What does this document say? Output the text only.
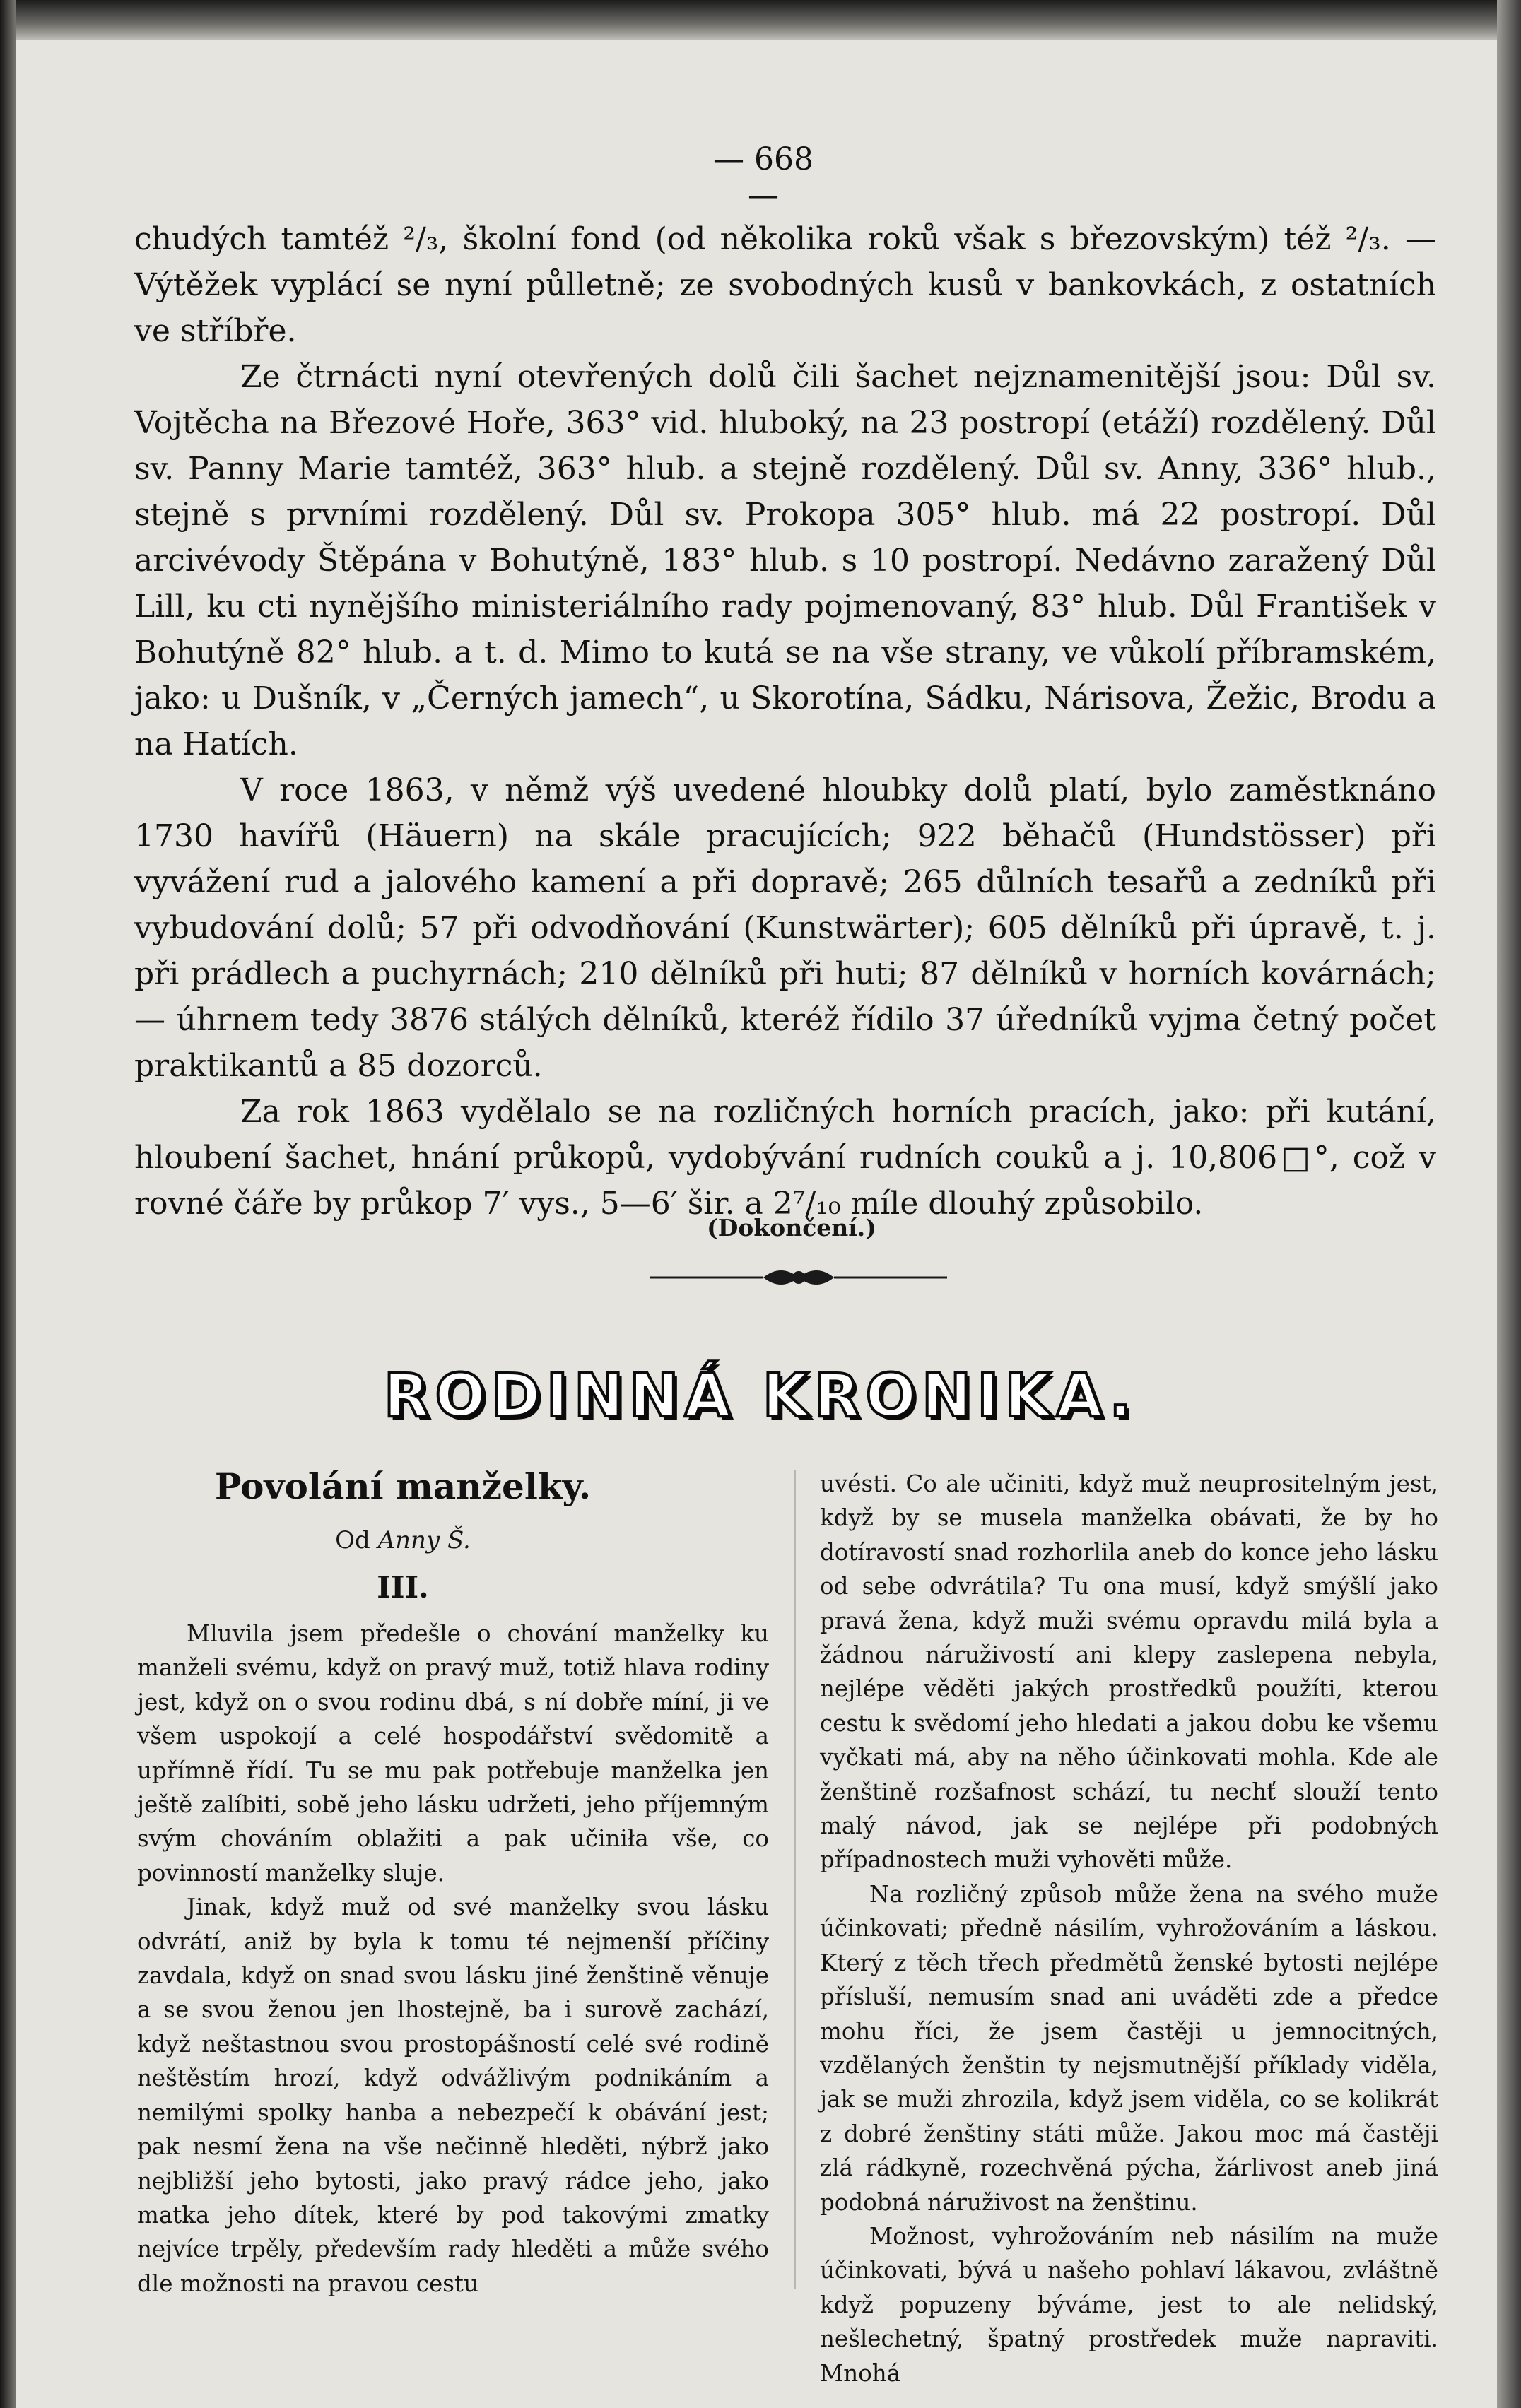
— 668 —

chudých tamtéž ²/₃, školní fond (od několika roků však s březovským) též ²/₃. — Výtěžek vyplácí se nyní půlletně; ze svobodných kusů v bankovkách, z ostatních ve stříbře.

Ze čtrnácti nyní otevřených dolů čili šachet nejznamenitější jsou: Důl sv. Vojtěcha na Březové Hoře, 363° vid. hluboký, na 23 postropí (etáží) rozdělený. Důl sv. Panny Marie tamtéž, 363° hlub. a stejně rozdělený. Důl sv. Anny, 336° hlub., stejně s prvními rozdělený. Důl sv. Prokopa 305° hlub. má 22 postropí. Důl arcivévody Štěpána v Bohutýně, 183° hlub. s 10 postropí. Nedávno zaražený Důl Lill, ku cti nynějšího ministeriálního rady pojmenovaný, 83° hlub. Důl František v Bohutýně 82° hlub. a t. d. Mimo to kutá se na vše strany, ve vůkolí příbramském, jako: u Dušník, v „Černých jamech“, u Skorotína, Sádku, Nárisova, Žežic, Brodu a na Hatích.

V roce 1863, v němž výš uvedené hloubky dolů platí, bylo zaměstknáno 1730 havířů (Häuern) na skále pracujících; 922 běhačů (Hundstösser) při vyvážení rud a jalového kamení a při dopravě; 265 důlních tesařů a zedníků při vybudování dolů; 57 při odvodňování (Kunstwärter); 605 dělníků při úpravě, t. j. při prádlech a puchyrnách; 210 dělníků při huti; 87 dělníků v horních kovárnách; — úhrnem tedy 3876 stálých dělníků, kteréž řídilo 37 úředníků vyjma četný počet praktikantů a 85 dozorců.

Za rok 1863 vydělalo se na rozličných horních pracích, jako: při kutání, hloubení šachet, hnání průkopů, vydobývání rudních couků a j. 10,806□°, což v rovné čáře by průkop 7′ vys., 5—6′ šir. a 2⁷/₁₀ míle dlouhý způsobilo.

(Dokončení.)
RODINNÁ KRONIKA.
Povolání manželky.
Od Anny Š.
III.

Mluvila jsem předešle o chování manželky ku manželi svému, když on pravý muž, totiž hlava rodiny jest, když on o svou rodinu dbá, s ní dobře míní, ji ve všem uspokojí a celé hospodářství svědomitě a upřímně řídí. Tu se mu pak potřebuje manželka jen ještě zalíbiti, sobě jeho lásku udržeti, jeho příjemným svým chováním oblažiti a pak učiniła vše, co povinností manželky sluje.

Jinak, když muž od své manželky svou lásku odvrátí, aniž by byla k tomu té nejmenší příčiny zavdala, když on snad svou lásku jiné ženštině věnuje a se svou ženou jen lhostejně, ba i surově zachází, když neštastnou svou prostopášností celé své rodině neštěstím hrozí, když odvážlivým podnikáním a nemilými spolky hanba a nebezpečí k obávání jest; pak nesmí žena na vše nečinně hleděti, nýbrž jako nejbližší jeho bytosti, jako pravý rádce jeho, jako matka jeho dítek, které by pod takovými zmatky nejvíce trpěly, především rady hleděti a může svého dle možnosti na pravou cestu

uvésti. Co ale učiniti, když muž neuprositelným jest, když by se musela manželka obávati, že by ho dotíravostí snad rozhorlila aneb do konce jeho lásku od sebe odvrátila? Tu ona musí, když smýšlí jako pravá žena, když muži svému opravdu milá byla a žádnou náruživostí ani klepy zaslepena nebyla, nejlépe věděti jakých prostředků použíti, kterou cestu k svědomí jeho hledati a jakou dobu ke všemu vyčkati má, aby na něho účinkovati mohla. Kde ale ženštině rozšafnost schází, tu nechť slouží tento malý návod, jak se nejlépe při podobných případnostech muži vyhověti může.

Na rozličný způsob může žena na svého muže účinkovati; předně násilím, vyhrožováním a láskou. Který z těch třech předmětů ženské bytosti nejlépe přísluší, nemusím snad ani uváděti zde a předce mohu říci, že jsem častěji u jemnocitných, vzdělaných ženštin ty nejsmutnější příklady viděla, jak se muži zhrozila, když jsem viděla, co se kolikrát z dobré ženštiny státi může. Jakou moc má častěji zlá rádkyně, rozechvěná pýcha, žárlivost aneb jiná podobná náruživost na ženštinu.

Možnost, vyhrožováním neb násilím na muže účinkovati, bývá u našeho pohlaví lákavou, zvláštně když popuzeny býváme, jest to ale nelidský, nešlechetný, špatný prostředek muže napraviti. Mnohá
